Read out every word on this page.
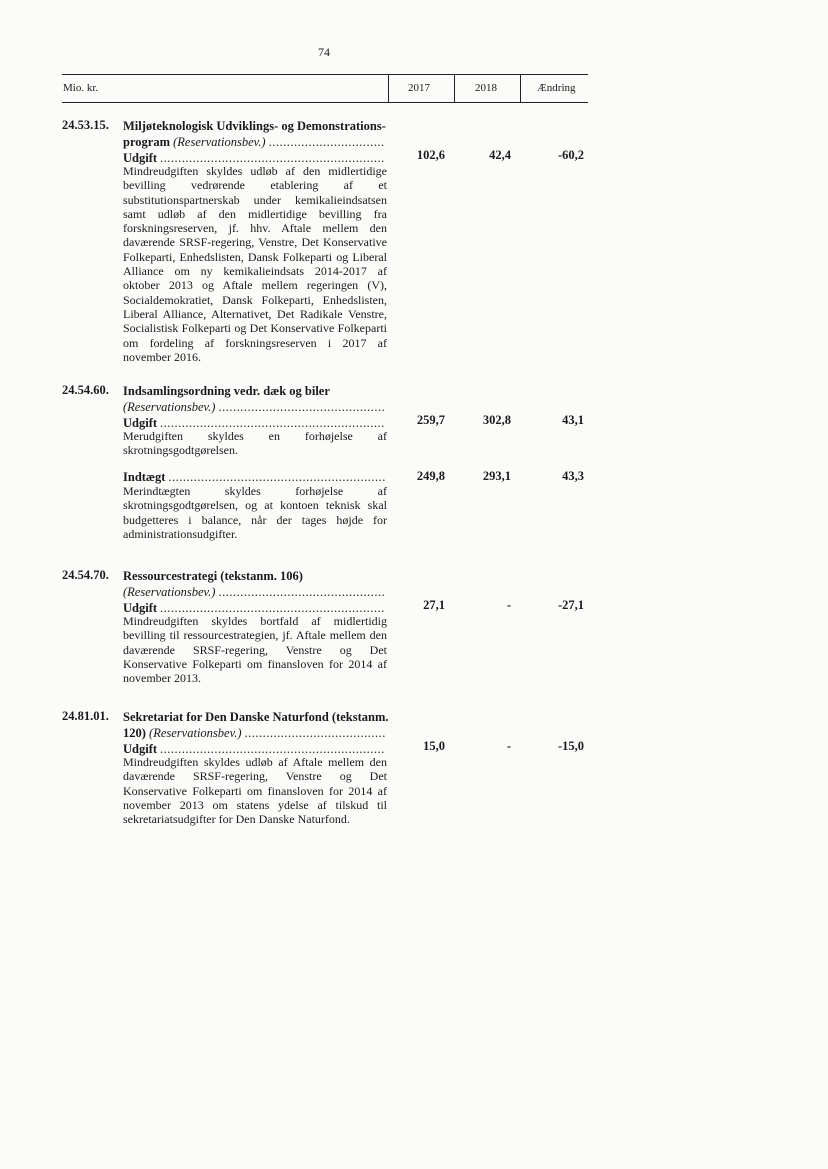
74
Mio. kr.	2017	2018	Ændring
24.53.15. Miljøteknologisk Udviklings- og Demonstrations-
program
(Reservationsbev.)
.....
Udgift .....	102,6	42,4	-60,2
Mindreudgiften skyldes udløb af den midlertidige bevilling vedrørende etablering af et substitutionspartnerskab under kemikalieindsatsen samt udløb af den midlertidige bevilling fra forskningsreserven, jf. hhv. Aftale mellem den daværende SRSF-regering, Venstre, Det Konservative Folkeparti, Enhedslisten, Dansk Folkeparti og Liberal Alliance om ny kemikalieindsats 2014-2017 af oktober 2013 og Aftale mellem regeringen (V), Socialdemokratiet, Dansk Folkeparti, Enhedslisten, Liberal Alliance, Alternativet, Det Radikale Venstre, Socialistisk Folkeparti og Det Konservative Folkeparti om fordeling af forskningsreserven i 2017 af november 2016.
24.54.60. Indsamlingsordning vedr. dæk og biler
(Reservationsbev.)
.....
Udgift .....	259,7	302,8	43,1
Merudgiften skyldes en forhøjelse af skrotningsgodtgørelsen.
Indtægt .....	249,8	293,1	43,3
Merindtægten skyldes forhøjelse af skrotningsgodtgørelsen, og at kontoen teknisk skal budgetteres i balance, når der tages højde for administrationsudgifter.
24.54.70. Ressourcestrategi (tekstanm. 106)
(Reservationsbev.)
.....
Udgift .....	27,1	-	-27,1
Mindreudgiften skyldes bortfald af midlertidig bevilling til ressourcestrategien, jf. Aftale mellem den daværende SRSF-regering, Venstre og Det Konservative Folkeparti om finansloven for 2014 af november 2013.
24.81.01. Sekretariat for Den Danske Naturfond (tekstanm.
120)
(Reservationsbev.)
.....
Udgift .....	15,0	-	-15,0
Mindreudgiften skyldes udløb af Aftale mellem den daværende SRSF-regering, Venstre og Det Konservative Folkeparti om finansloven for 2014 af november 2013 om statens ydelse af tilskud til sekretariatsudgifter for Den Danske Naturfond.
